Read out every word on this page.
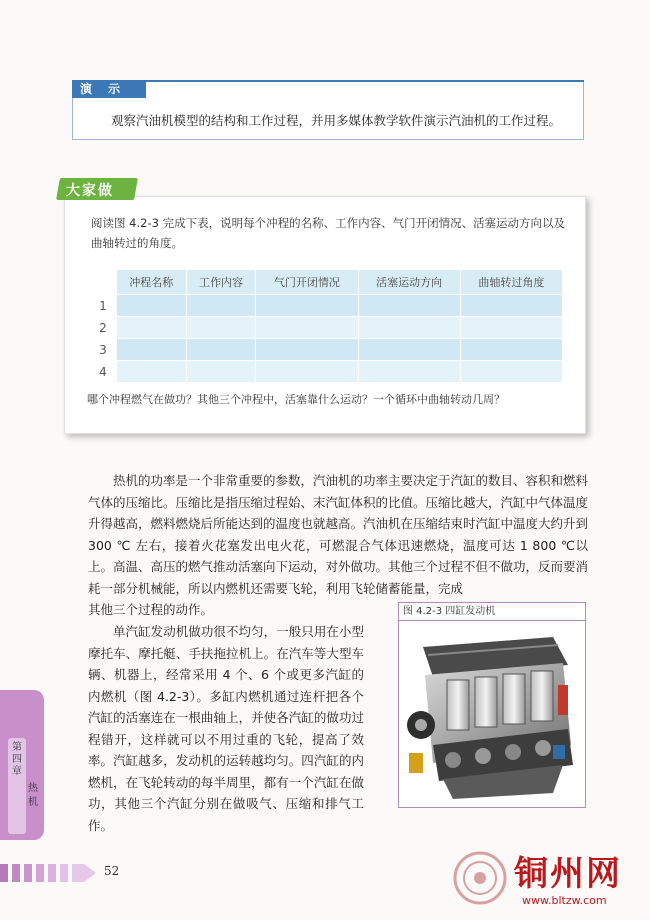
演 示
观察汽油机模型的结构和工作过程，并用多媒体教学软件演示汽油机的工作过程。
阅读图 4.2-3 完成下表，说明每个冲程的名称、工作内容、气门开闭情况、活塞运动方向以及曲轴转过的角度。
	冲程名称	工作内容	气门开闭情况	活塞运动方向	曲轴转过角度
1					
2					
3					
4					
哪个冲程燃气在做功？其他三个冲程中，活塞靠什么运动？一个循环中曲轴转动几周？
大家做
热机的功率是一个非常重要的参数，汽油机的功率主要决定于汽缸的数目、容积和燃料气体的压缩比。压缩比是指压缩过程始、末汽缸体积的比值。压缩比越大，汽缸中气体温度升得越高，燃料燃烧后所能达到的温度也就越高。汽油机在压缩结束时汽缸中温度大约升到 300 ℃ 左右，接着火花塞发出电火花，可燃混合气体迅速燃烧，温度可达 1 800 ℃以上。高温、高压的燃气推动活塞向下运动，对外做功。其他三个过程不但不做功，反而要消耗一部分机械能，所以内燃机还需要飞轮，利用飞轮储蓄能量，完成
其他三个过程的动作。
单汽缸发动机做功很不均匀，一般只用在小型摩托车、摩托艇、手扶拖拉机上。在汽车等大型车辆、机器上，经常采用 4 个、6 个或更多汽缸的内燃机（图 4.2-3）。多缸内燃机通过连杆把各个汽缸的活塞连在一根曲轴上，并使各汽缸的做功过程错开，这样就可以不用过重的飞轮，提高了效率。汽缸越多，发动机的运转越均匀。四汽缸的内燃机，在飞轮转动的每半周里，都有一个汽缸在做功，其他三个汽缸分别在做吸气、压缩和排气工作。
图 4.2-3 四缸发动机
第四章
热 机
52	铜州网
www.bltzw.com
